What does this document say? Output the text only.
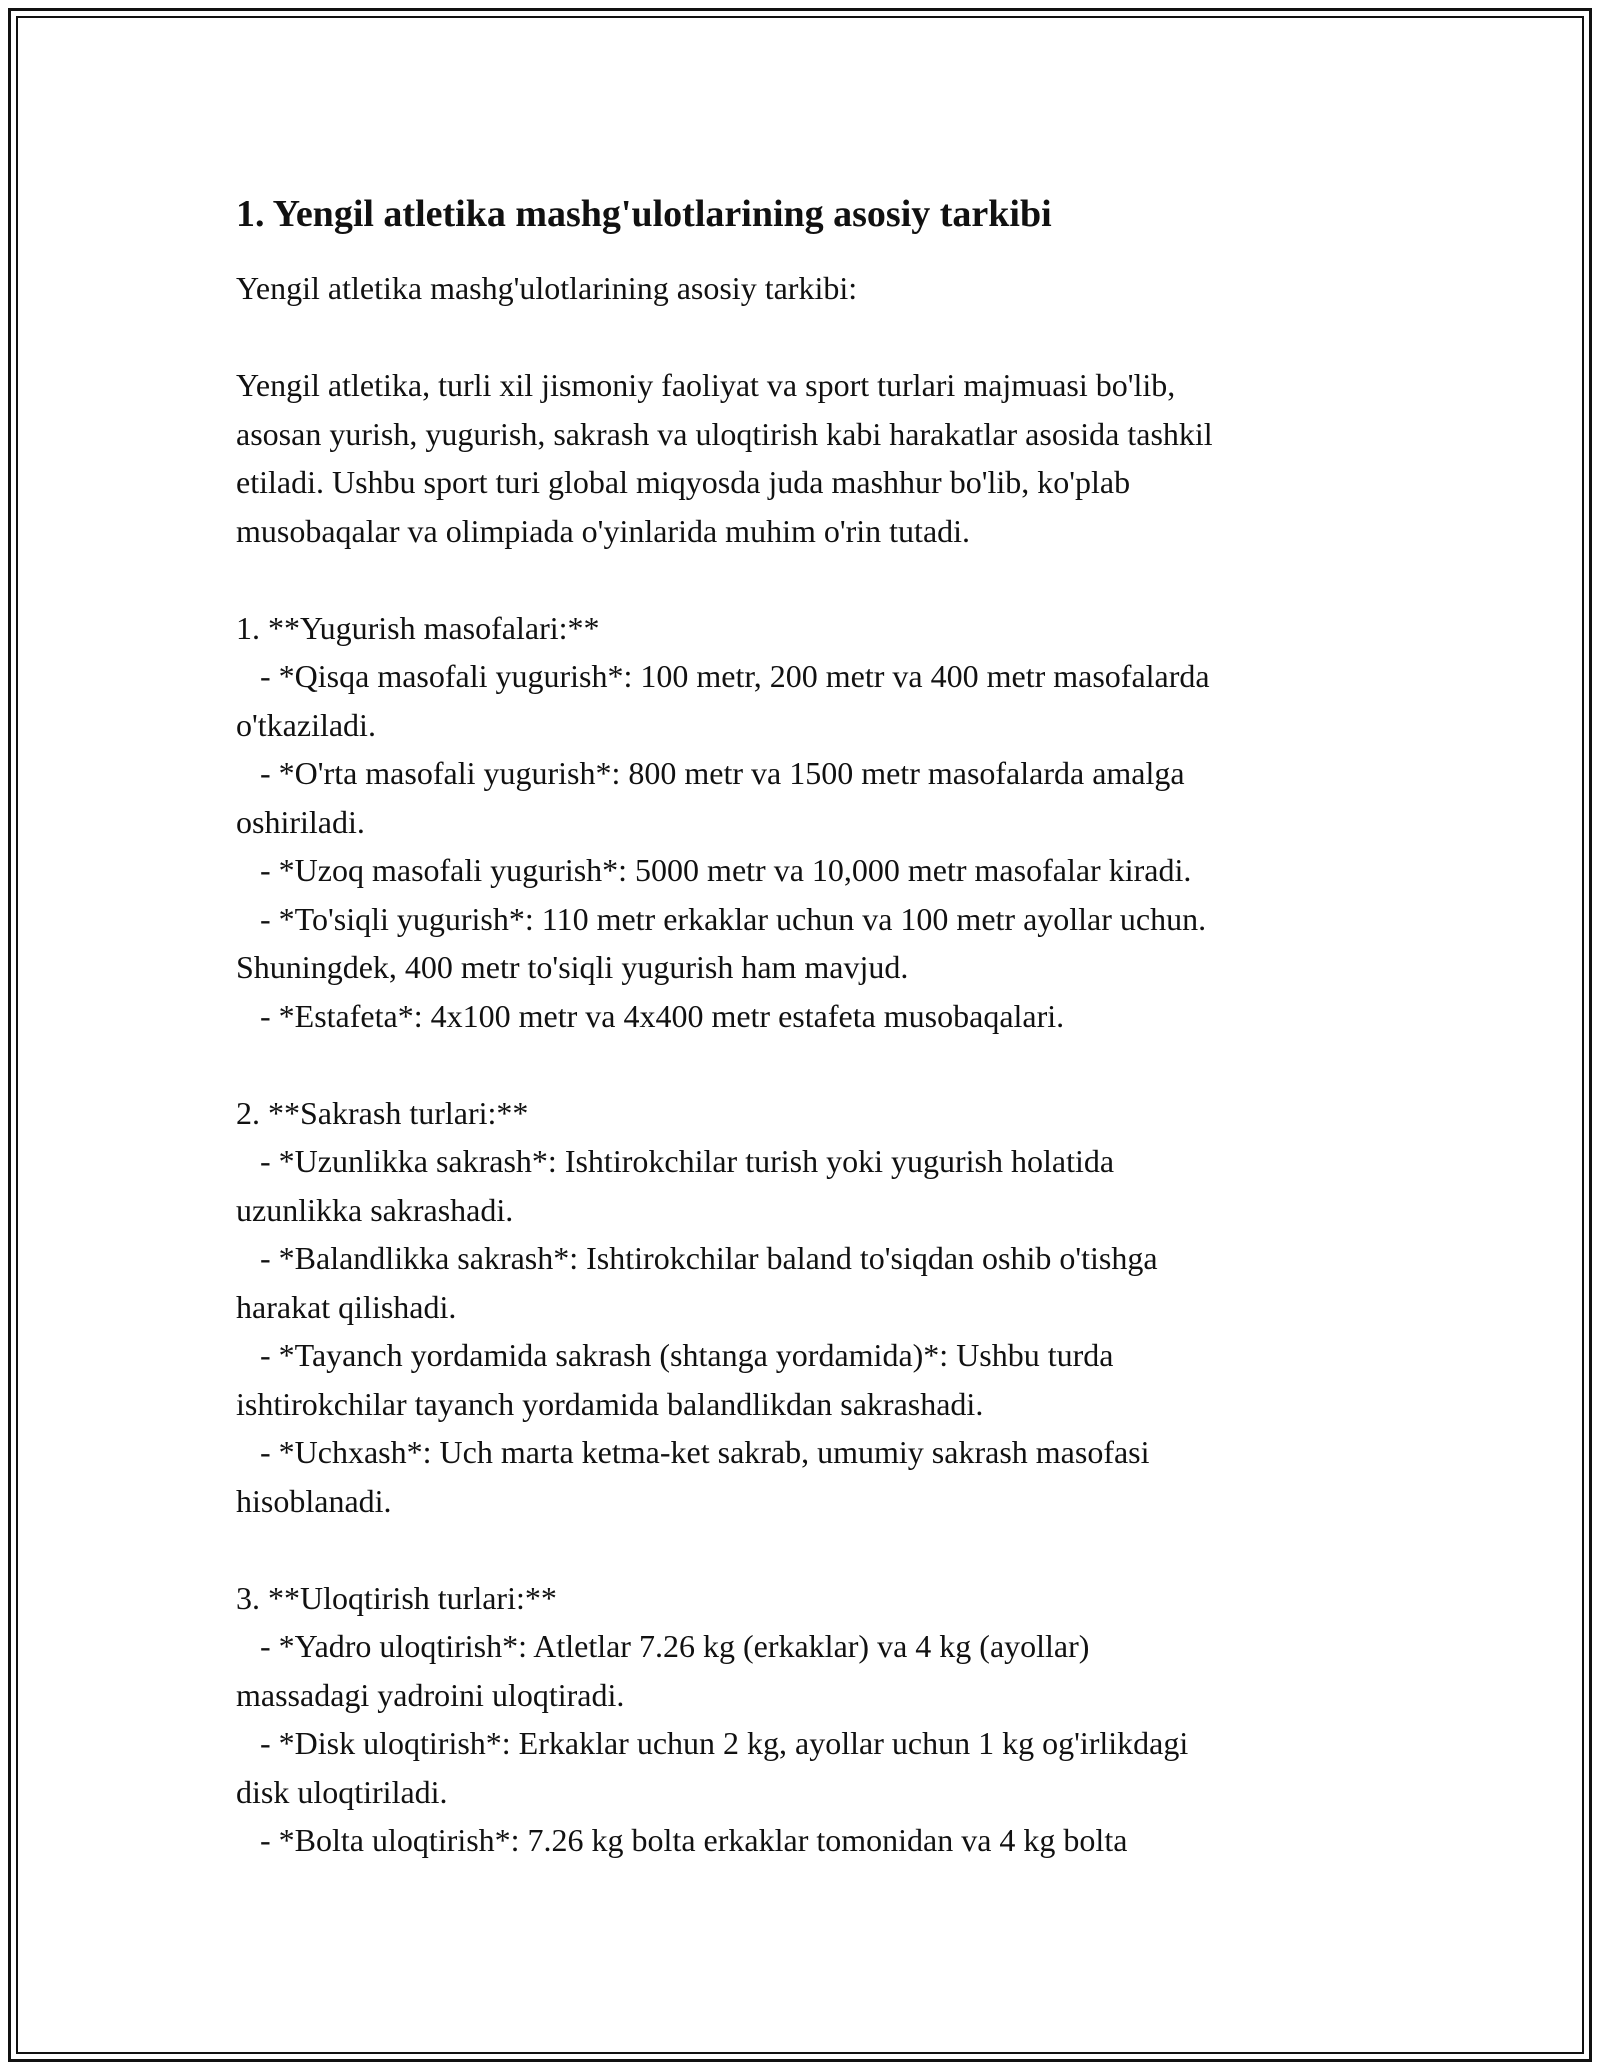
1. Yengil atletika mashg'ulotlarining asosiy tarkibi
Yengil atletika mashg'ulotlarining asosiy tarkibi:
Yengil atletika, turli xil jismoniy faoliyat va sport turlari majmuasi bo'lib,
asosan yurish, yugurish, sakrash va uloqtirish kabi harakatlar asosida tashkil
etiladi. Ushbu sport turi global miqyosda juda mashhur bo'lib, ko'plab
musobaqalar va olimpiada o'yinlarida muhim o'rin tutadi.
1. **Yugurish masofalari:**
- *Qisqa masofali yugurish*: 100 metr, 200 metr va 400 metr masofalarda
o'tkaziladi.
- *O'rta masofali yugurish*: 800 metr va 1500 metr masofalarda amalga
oshiriladi.
- *Uzoq masofali yugurish*: 5000 metr va 10,000 metr masofalar kiradi.
- *To'siqli yugurish*: 110 metr erkaklar uchun va 100 metr ayollar uchun.
Shuningdek, 400 metr to'siqli yugurish ham mavjud.
- *Estafeta*: 4x100 metr va 4x400 metr estafeta musobaqalari.
2. **Sakrash turlari:**
- *Uzunlikka sakrash*: Ishtirokchilar turish yoki yugurish holatida
uzunlikka sakrashadi.
- *Balandlikka sakrash*: Ishtirokchilar baland to'siqdan oshib o'tishga
harakat qilishadi.
- *Tayanch yordamida sakrash (shtanga yordamida)*: Ushbu turda
ishtirokchilar tayanch yordamida balandlikdan sakrashadi.
- *Uchxash*: Uch marta ketma-ket sakrab, umumiy sakrash masofasi
hisoblanadi.
3. **Uloqtirish turlari:**
- *Yadro uloqtirish*: Atletlar 7.26 kg (erkaklar) va 4 kg (ayollar)
massadagi yadroini uloqtiradi.
- *Disk uloqtirish*: Erkaklar uchun 2 kg, ayollar uchun 1 kg og'irlikdagi
disk uloqtiriladi.
- *Bolta uloqtirish*: 7.26 kg bolta erkaklar tomonidan va 4 kg bolta
